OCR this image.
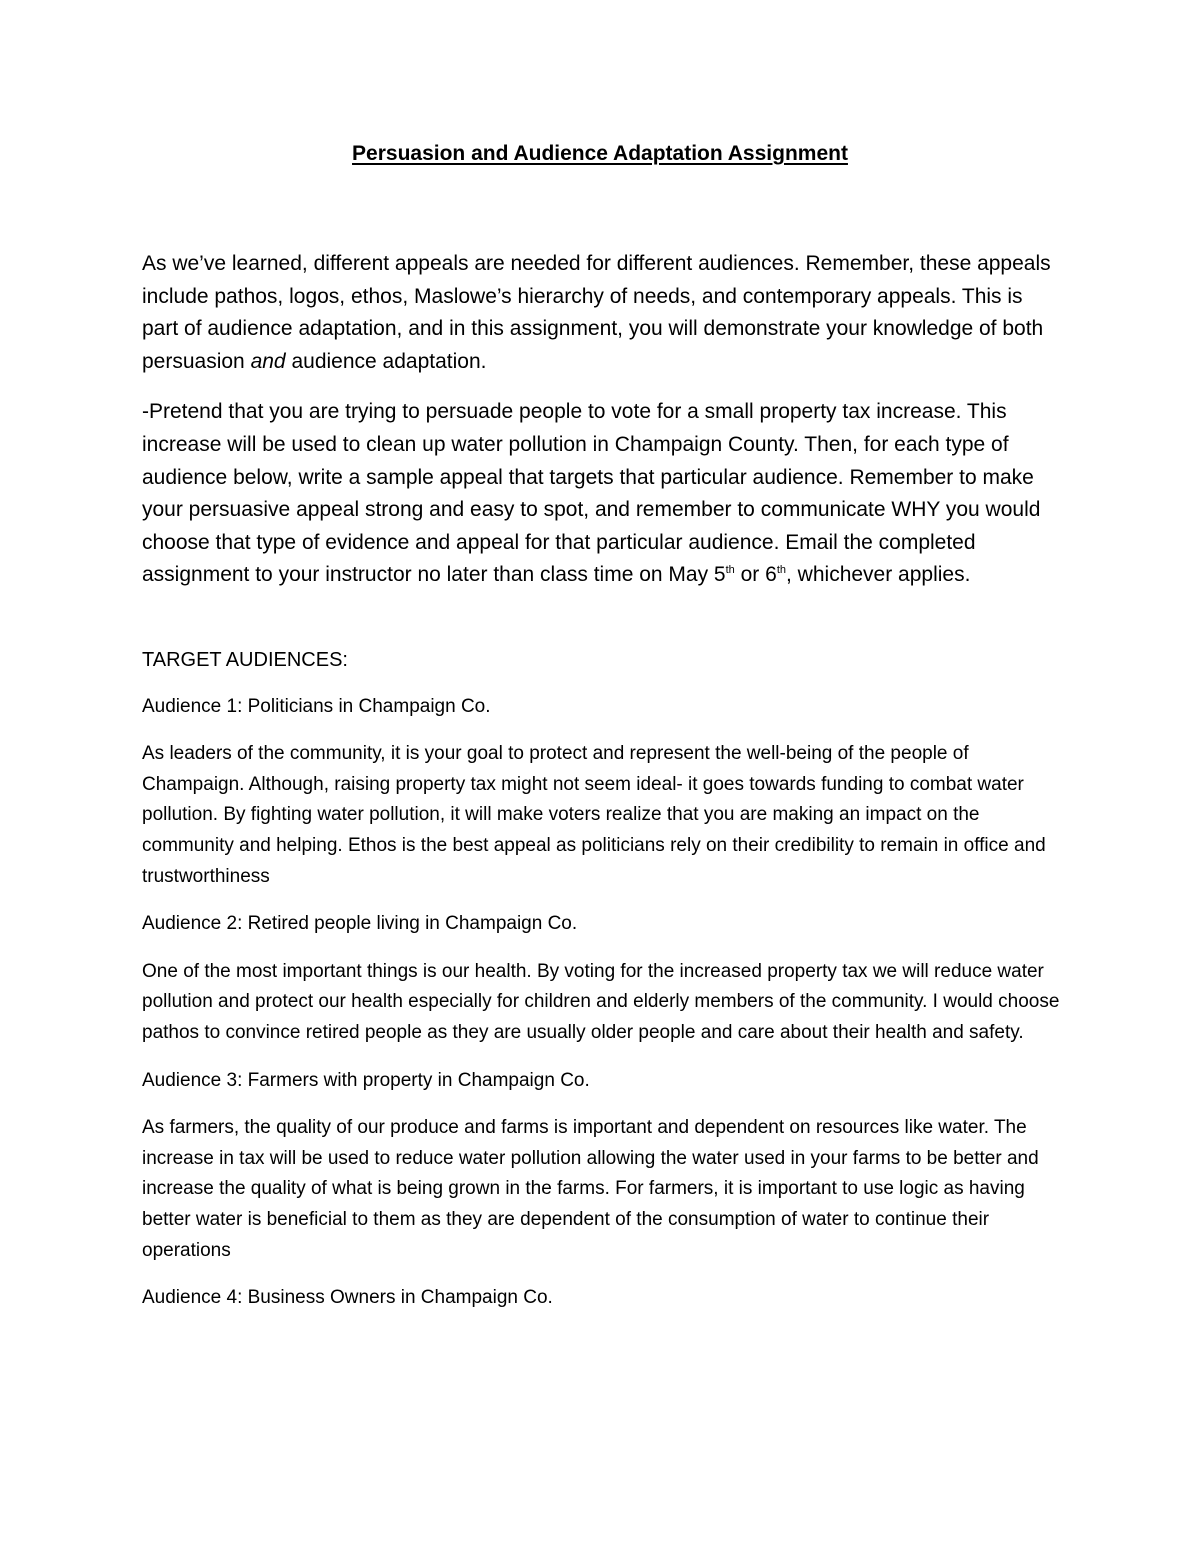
Persuasion and Audience Adaptation Assignment

As we’ve learned, different appeals are needed for different audiences. Remember, these appeals include pathos, logos, ethos, Maslowe’s hierarchy of needs, and contemporary appeals. This is part of audience adaptation, and in this assignment, you will demonstrate your knowledge of both persuasion and audience adaptation.

-Pretend that you are trying to persuade people to vote for a small property tax increase. This increase will be used to clean up water pollution in Champaign County. Then, for each type of audience below, write a sample appeal that targets that particular audience. Remember to make your persuasive appeal strong and easy to spot, and remember to communicate WHY you would choose that type of evidence and appeal for that particular audience. Email the completed assignment to your instructor no later than class time on May 5th or 6th, whichever applies.

TARGET AUDIENCES:

Audience 1: Politicians in Champaign Co.

As leaders of the community, it is your goal to protect and represent the well-being of the people of Champaign. Although, raising property tax might not seem ideal- it goes towards funding to combat water pollution. By fighting water pollution, it will make voters realize that you are making an impact on the community and helping. Ethos is the best appeal as politicians rely on their credibility to remain in office and trustworthiness

Audience 2: Retired people living in Champaign Co.

One of the most important things is our health. By voting for the increased property tax we will reduce water pollution and protect our health especially for children and elderly members of the community. I would choose pathos to convince retired people as they are usually older people and care about their health and safety.

Audience 3: Farmers with property in Champaign Co.

As farmers, the quality of our produce and farms is important and dependent on resources like water. The increase in tax will be used to reduce water pollution allowing the water used in your farms to be better and increase the quality of what is being grown in the farms. For farmers, it is important to use logic as having better water is beneficial to them as they are dependent of the consumption of water to continue their operations

Audience 4: Business Owners in Champaign Co.
